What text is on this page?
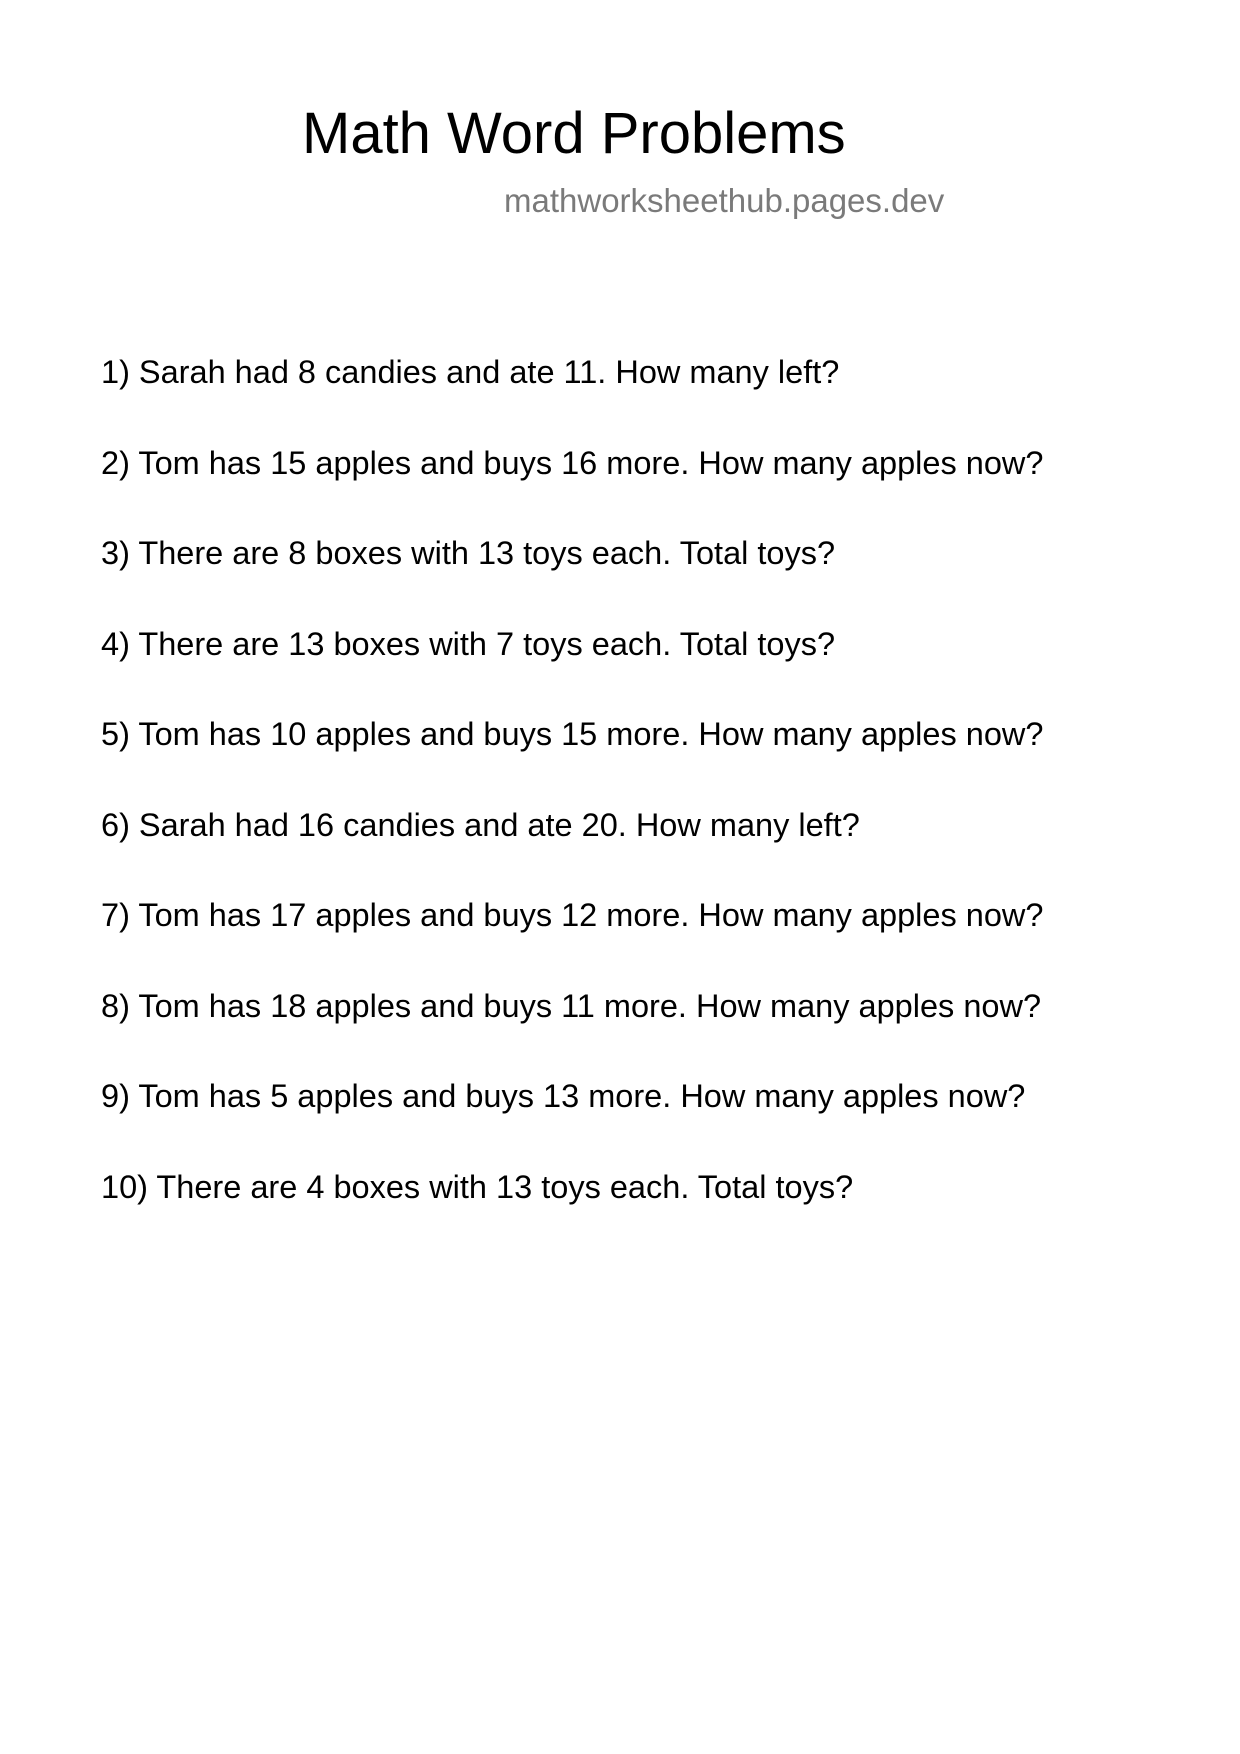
Math Word Problems
mathworksheethub.pages.dev
1) Sarah had 8 candies and ate 11. How many left?
2) Tom has 15 apples and buys 16 more. How many apples now?
3) There are 8 boxes with 13 toys each. Total toys?
4) There are 13 boxes with 7 toys each. Total toys?
5) Tom has 10 apples and buys 15 more. How many apples now?
6) Sarah had 16 candies and ate 20. How many left?
7) Tom has 17 apples and buys 12 more. How many apples now?
8) Tom has 18 apples and buys 11 more. How many apples now?
9) Tom has 5 apples and buys 13 more. How many apples now?
10) There are 4 boxes with 13 toys each. Total toys?
